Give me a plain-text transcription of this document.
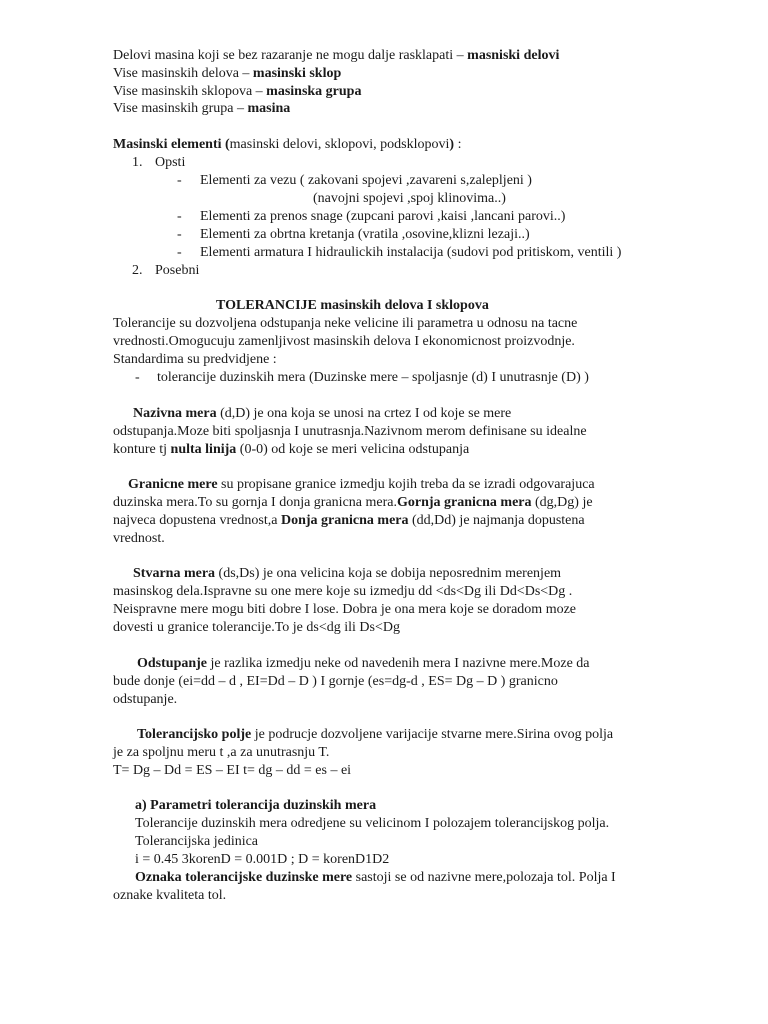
Delovi masina koji se bez razaranje ne mogu dalje rasklapati – masniski delovi
Vise masinskih delova – masinski sklop
Vise masinskih sklopova – masinska grupa
Vise masinskih grupa – masina
Masinski elementi (masinski delovi, sklopovi, podsklopovi) :
1. Opsti
- Elementi za vezu ( zakovani spojevi ,zavareni s,zalepljeni )
(navojni spojevi ,spoj klinovima..)
- Elementi za prenos snage (zupcani parovi ,kaisi ,lancani parovi..)
- Elementi za obrtna kretanja (vratila ,osovine,klizni lezaji..)
- Elementi armatura I hidraulickih instalacija (sudovi pod pritiskom, ventili )
2. Posebni
TOLERANCIJE masinskih delova I sklopova
Tolerancije su dozvoljena odstupanja neke velicine ili parametra u odnosu na tacne
vrednosti.Omogucuju zamenljivost masinskih delova I ekonomicnost proizvodnje.
Standardima su predvidjene :
- tolerancije duzinskih mera (Duzinske mere – spoljasnje (d) I unutrasnje (D) )
Nazivna mera (d,D) je ona koja se unosi na crtez I od koje se mere
odstupanja.Moze biti spoljasnja I unutrasnja.Nazivnom merom definisane su idealne
konture tj nulta linija (0-0) od koje se meri velicina odstupanja
Granicne mere su propisane granice izmedju kojih treba da se izradi odgovarajuca
duzinska mera.To su gornja I donja granicna mera.Gornja granicna mera (dg,Dg) je
najveca dopustena vrednost,a Donja granicna mera (dd,Dd) je najmanja dopustena
vrednost.
Stvarna mera (ds,Ds) je ona velicina koja se dobija neposrednim merenjem
masinskog dela.Ispravne su one mere koje su izmedju dd <ds<Dg ili Dd<Ds<Dg .
Neispravne mere mogu biti dobre I lose. Dobra je ona mera koje se doradom moze
dovesti u granice tolerancije.To je ds<dg ili Ds<Dg
Odstupanje je razlika izmedju neke od navedenih mera I nazivne mere.Moze da
bude donje (ei=dd – d , EI=Dd – D ) I gornje (es=dg-d , ES= Dg – D ) granicno
odstupanje.
Tolerancijsko polje je podrucje dozvoljene varijacije stvarne mere.Sirina ovog polja
je za spoljnu meru t ,a za unutrasnju T.
T= Dg – Dd = ES – EI t= dg – dd = es – ei
a) Parametri tolerancija duzinskih mera
Tolerancije duzinskih mera odredjene su velicinom I polozajem tolerancijskog polja.
Tolerancijska jedinica
i = 0.45 3korenD = 0.001D ; D = korenD1D2
Oznaka tolerancijske duzinske mere sastoji se od nazivne mere,polozaja tol. Polja I
oznake kvaliteta tol.
